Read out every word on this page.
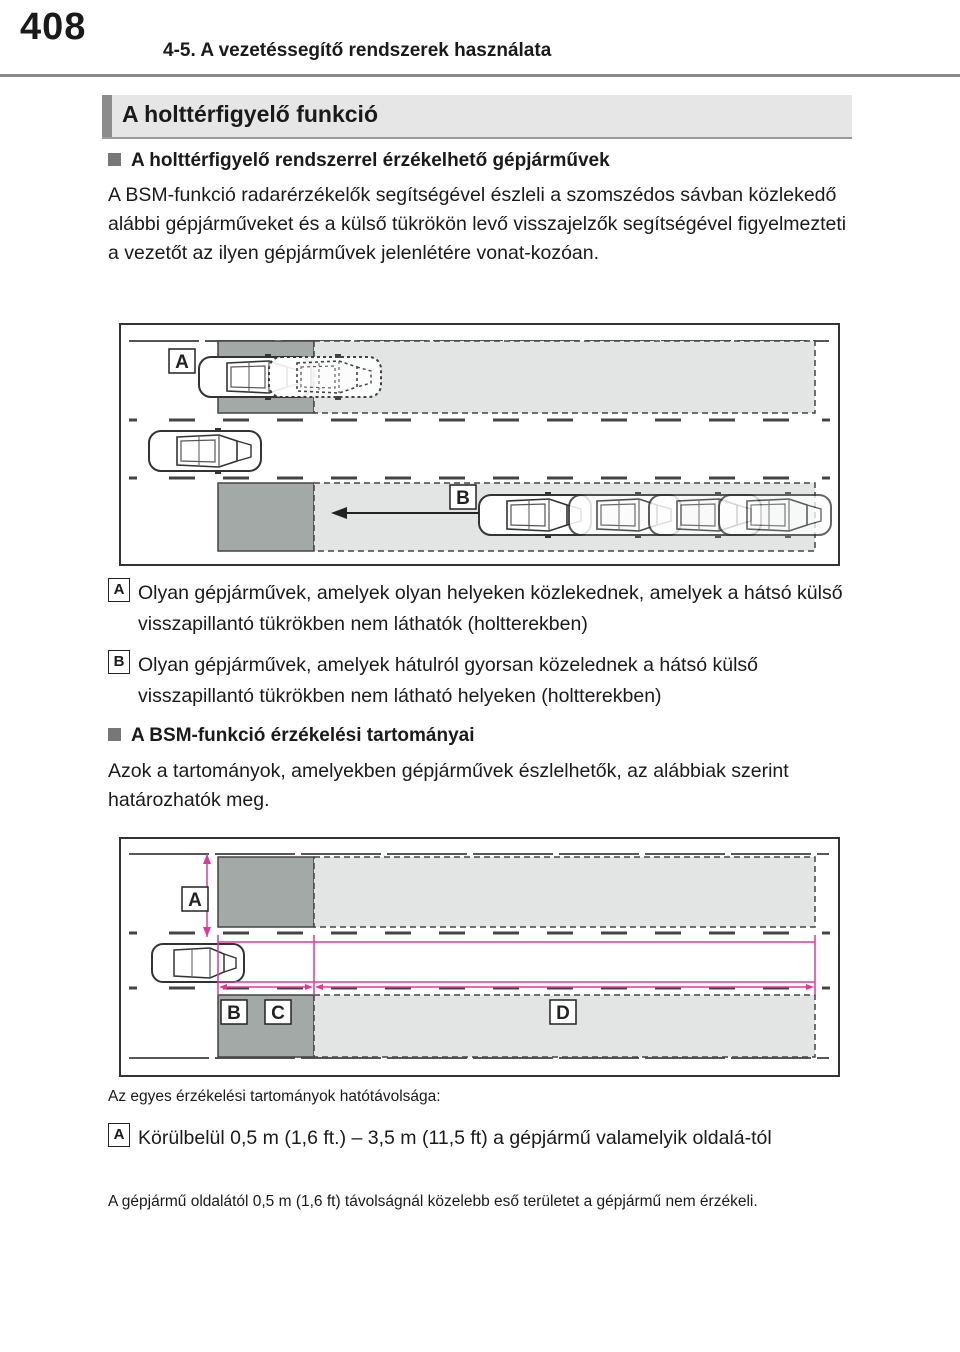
408
4-5. A vezetéssegítő rendszerek használata
A holttérfigyelő funkció
A holttérfigyelő rendszerrel érzékelhető gépjárművek
A BSM-funkció radarérzékelők segítségével észleli a szomszédos sávban közlekedő alábbi gépjárműveket és a külső tükrökön levő visszajelzők segítségével figyelmezteti a vezetőt az ilyen gépjárművek jelenlétére vonat-kozóan.
A
B
A Olyan gépjárművek, amelyek olyan helyeken közlekednek, amelyek a hátsó külső visszapillantó tükrökben nem láthatók (holtterekben)
B Olyan gépjárművek, amelyek hátulról gyorsan közelednek a hátsó külső visszapillantó tükrökben nem látható helyeken (holtterekben)
A BSM-funkció érzékelési tartományai
Azok a tartományok, amelyekben gépjárművek észlelhetők, az alábbiak szerint határozhatók meg.
A
B C	D
Az egyes érzékelési tartományok hatótávolsága:
A Körülbelül 0,5 m (1,6 ft.) – 3,5 m (11,5 ft) a gépjármű valamelyik oldalá-tól
A gépjármű oldalától 0,5 m (1,6 ft) távolságnál közelebb eső területet a gépjármű nem érzékeli.
